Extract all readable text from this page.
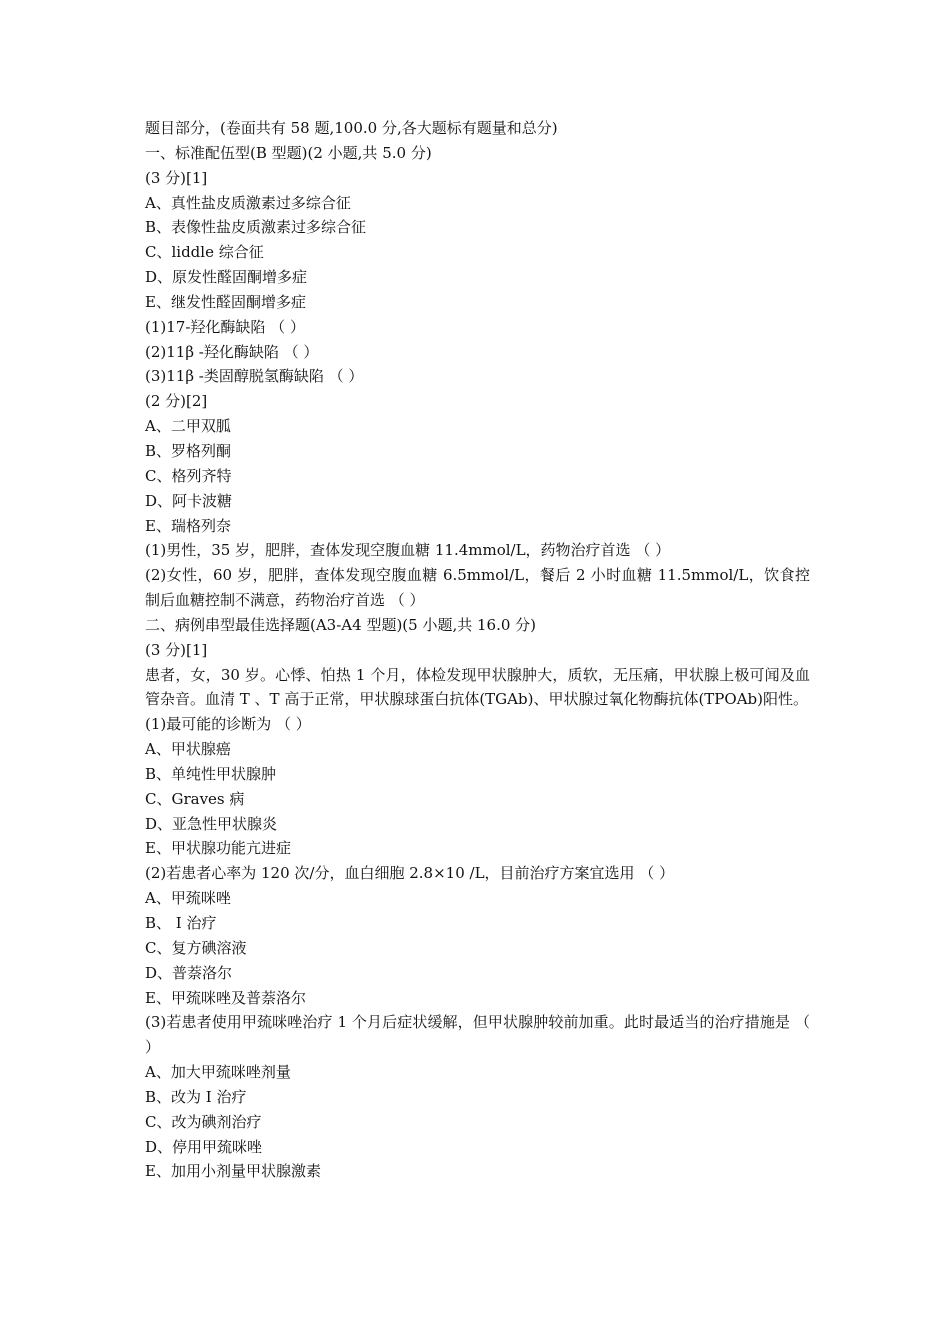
题目部分，(卷面共有 58 题,100.0 分,各大题标有题量和总分)
一、标准配伍型(B 型题)(2 小题,共 5.0 分)
(3 分)[1]
A、真性盐皮质激素过多综合征
B、表像性盐皮质激素过多综合征
C、liddle 综合征
D、原发性醛固酮增多症
E、继发性醛固酮增多症
(1)17-羟化酶缺陷 （ ）
(2)11β -羟化酶缺陷 （ ）
(3)11β -类固醇脱氢酶缺陷 （ ）
(2 分)[2]
A、二甲双胍
B、罗格列酮
C、格列齐特
D、阿卡波糖
E、瑞格列奈
(1)男性，35 岁，肥胖，查体发现空腹血糖 11.4mmol/L，药物治疗首选 （ ）
(2)女性，60 岁，肥胖，查体发现空腹血糖 6.5mmol/L，餐后 2 小时血糖 11.5mmol/L，饮食控制后血糖控制不满意，药物治疗首选 （ ）
二、病例串型最佳选择题(A3-A4 型题)(5 小题,共 16.0 分)
(3 分)[1]
患者，女，30 岁。心悸、怕热 1 个月，体检发现甲状腺肿大，质软，无压痛，甲状腺上极可闻及血管杂音。血清 T 、T 高于正常，甲状腺球蛋白抗体(TGAb)、甲状腺过氧化物酶抗体(TPOAb)阳性。
(1)最可能的诊断为 （ ）
A、甲状腺癌
B、单纯性甲状腺肿
C、Graves 病
D、亚急性甲状腺炎
E、甲状腺功能亢进症
(2)若患者心率为 120 次/分，血白细胞 2.8×10 /L，目前治疗方案宜选用 （ ）
A、甲巯咪唑
B、 I 治疗
C、复方碘溶液
D、普萘洛尔
E、甲巯咪唑及普萘洛尔
(3)若患者使用甲巯咪唑治疗 1 个月后症状缓解，但甲状腺肿较前加重。此时最适当的治疗措施是 （ ）
A、加大甲巯咪唑剂量
B、改为 I 治疗
C、改为碘剂治疗
D、停用甲巯咪唑
E、加用小剂量甲状腺激素
